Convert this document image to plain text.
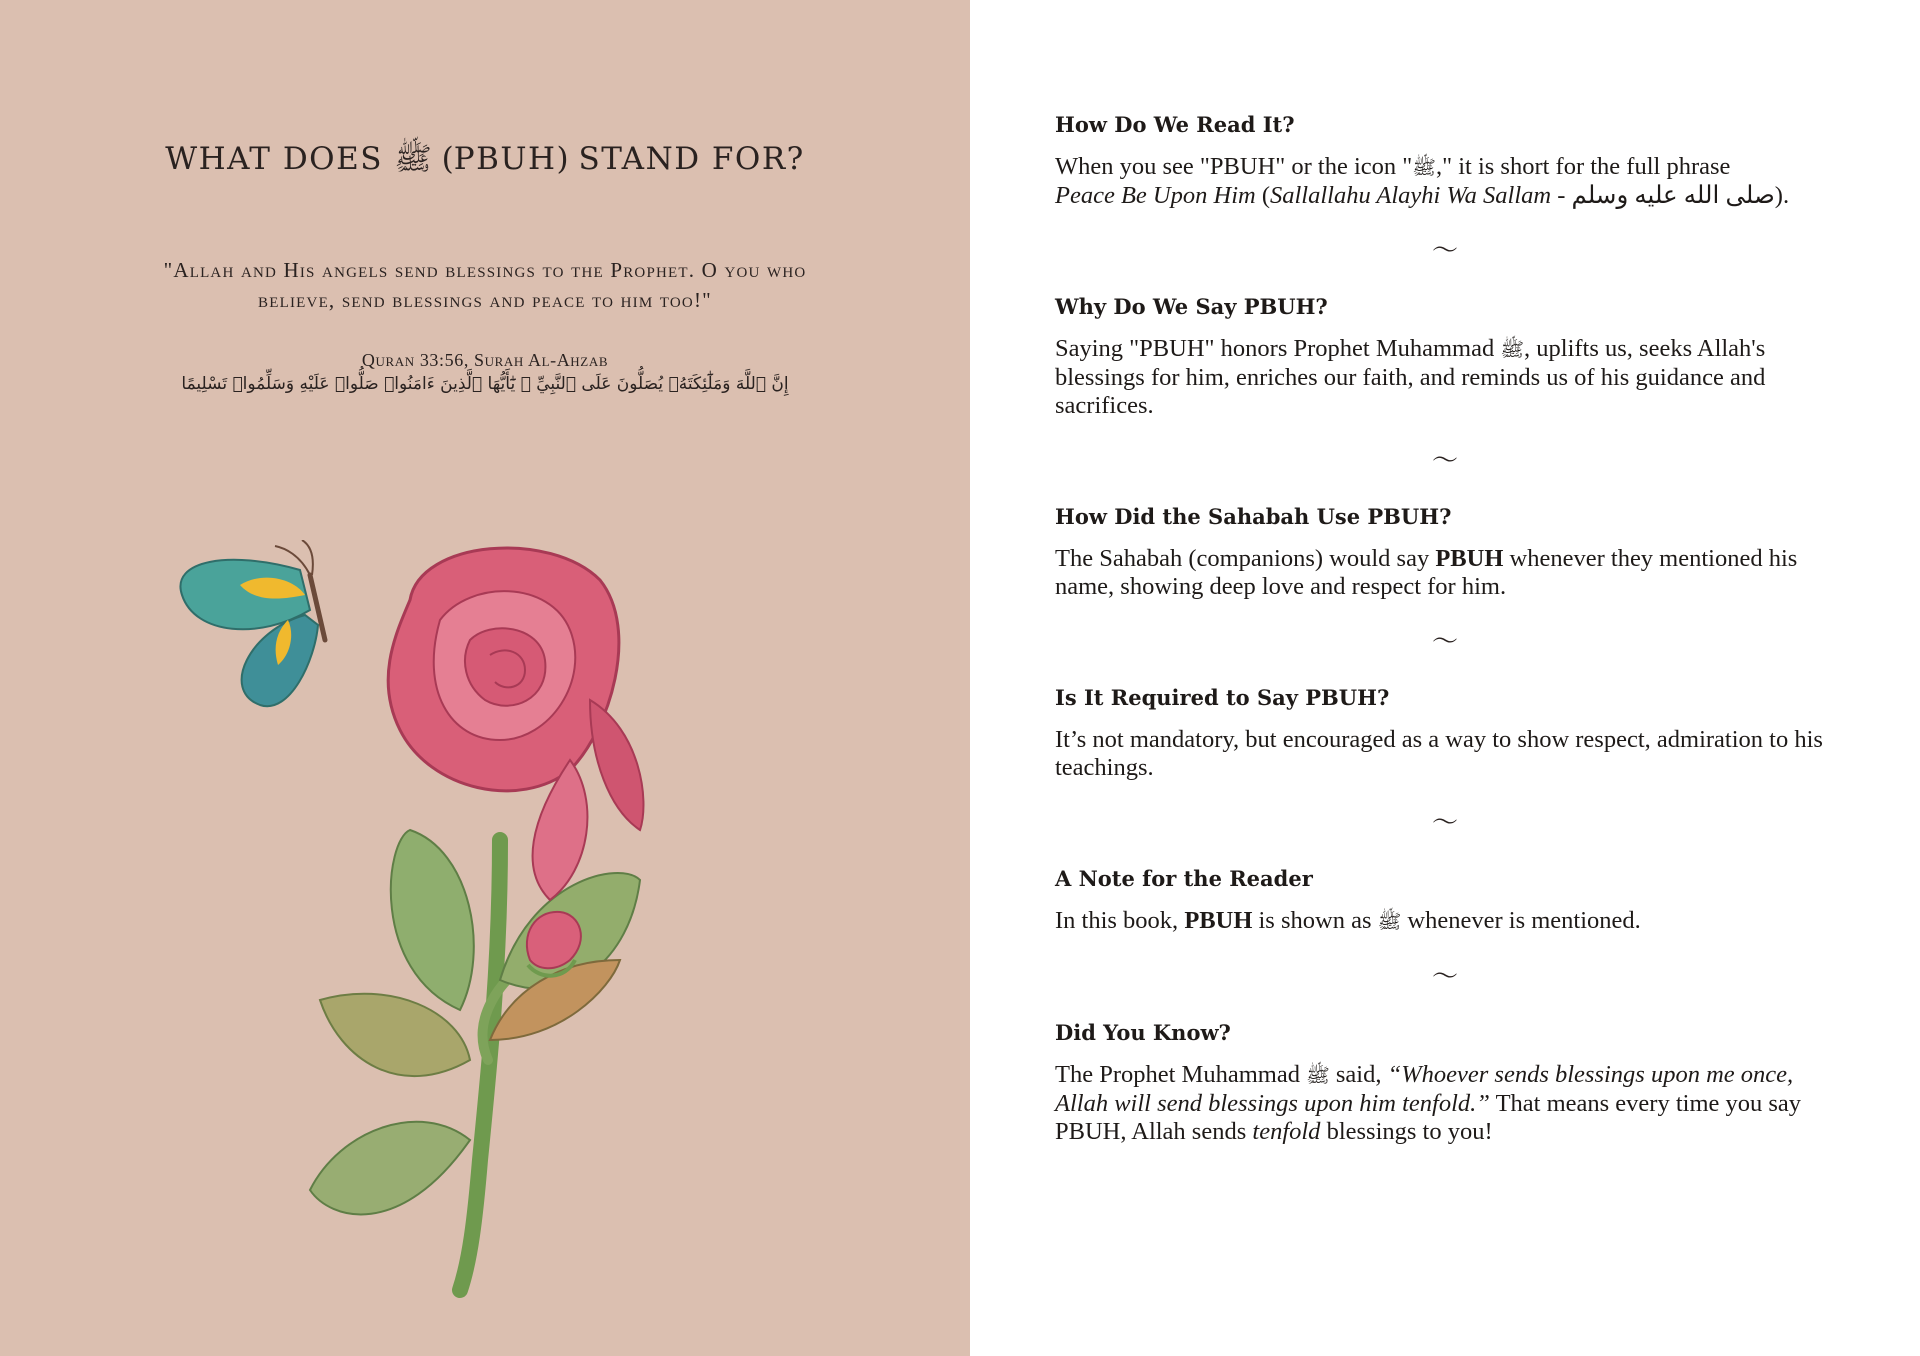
WHAT DOES ﷺ (PBUH) STAND FOR?
"Allah and His angels send blessings to the Prophet. O you who believe, send blessings and peace to him too!"
Quran 33:56, Surah Al-Ahzab
إِنَّ ٱللَّهَ وَمَلَٰٓئِكَتَهُۥ يُصَلُّونَ عَلَى ٱلنَّبِيِّ ۚ يَٰٓأَيُّهَا ٱلَّذِينَ ءَامَنُوا۟ صَلُّوا۟ عَلَيْهِ وَسَلِّمُوا۟ تَسْلِيمًا
How Do We Read It?

When you see "PBUH" or the icon "ﷺ," it is short for the full phrase
Peace Be Upon Him (Sallallahu Alayhi Wa Sallam - صلى الله عليه وسلم).

〜
Why Do We Say PBUH?

Saying "PBUH" honors Prophet Muhammad ﷺ, uplifts us, seeks Allah's blessings for him, enriches our faith, and reminds us of his guidance and sacrifices.

〜
How Did the Sahabah Use PBUH?

The Sahabah (companions) would say PBUH whenever they mentioned his name, showing deep love and respect for him.

〜
Is It Required to Say PBUH?

It’s not mandatory, but encouraged as a way to show respect, admiration to his teachings.

〜
A Note for the Reader

In this book, PBUH is shown as ﷺ whenever is mentioned.

〜
Did You Know?

The Prophet Muhammad ﷺ said, “Whoever sends blessings upon me once, Allah will send blessings upon him tenfold.” That means every time you say PBUH, Allah sends tenfold blessings to you!
